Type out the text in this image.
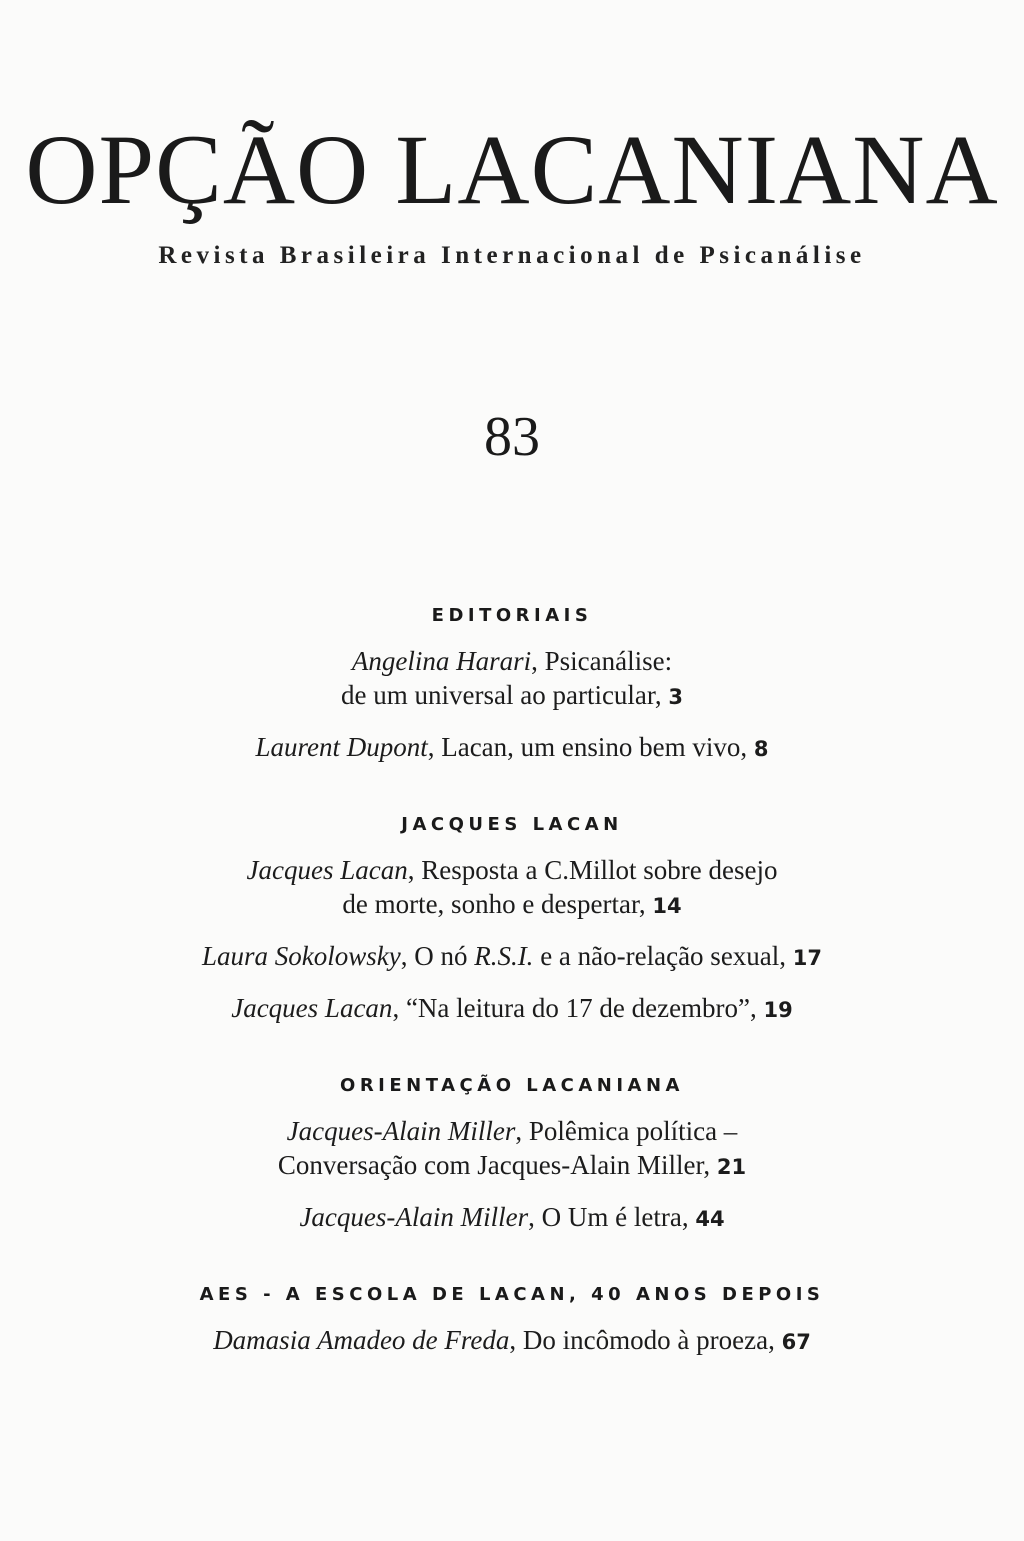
OPÇÃO LACANIANA
Revista Brasileira Internacional de Psicanálise
83
EDITORIAIS
Angelina Harari, Psicanálise:
de um universal ao particular, 3
Laurent Dupont, Lacan, um ensino bem vivo, 8
JACQUES LACAN
Jacques Lacan, Resposta a C.Millot sobre desejo
de morte, sonho e despertar, 14
Laura Sokolowsky, O nó R.S.I. e a não-relação sexual, 17
Jacques Lacan, “Na leitura do 17 de dezembro”, 19
ORIENTAÇÃO LACANIANA
Jacques-Alain Miller, Polêmica política –
Conversação com Jacques-Alain Miller, 21
Jacques-Alain Miller, O Um é letra, 44
AES - A ESCOLA DE LACAN, 40 ANOS DEPOIS
Damasia Amadeo de Freda, Do incômodo à proeza, 67
